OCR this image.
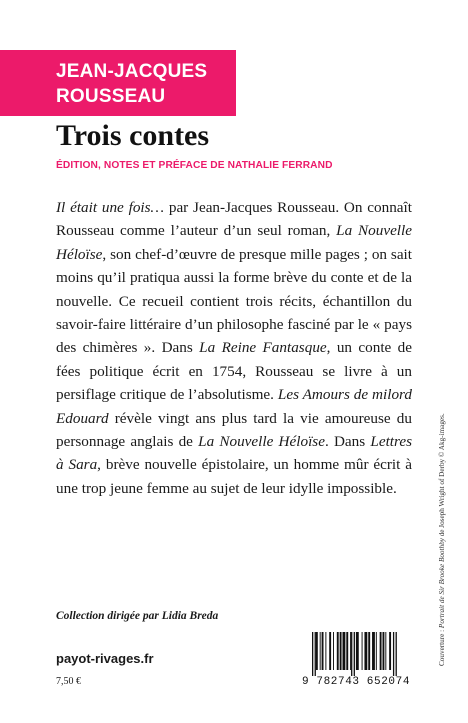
JEAN-JACQUES
ROUSSEAU
Trois contes
ÉDITION, NOTES ET PRÉFACE DE NATHALIE FERRAND

Il était une fois… par Jean-Jacques Rousseau. On connaît Rousseau comme l’auteur d’un seul roman, La Nouvelle Héloïse, son chef-d’œuvre de presque mille pages ; on sait moins qu’il pratiqua aussi la forme brève du conte et de la nouvelle. Ce recueil contient trois récits, échantillon du savoir-faire littéraire d’un philosophe fasciné par le « pays des chimères ». Dans La Reine Fantasque, un conte de fées politique écrit en 1754, Rousseau se livre à un persiflage critique de l’absolutisme. Les Amours de milord Edouard révèle vingt ans plus tard la vie amoureuse du personnage anglais de La Nouvelle Héloïse. Dans Lettres à Sara, brève nouvelle épistolaire, un homme mûr écrit à une trop jeune femme au sujet de leur idylle impossible.

Collection dirigée par Lidia Breda
payot-rivages.fr
7,50 €	9 782743 652074
Couverture : Portrait de Sir Brooke Boothby de Joseph Wright of Derby © Akg-images.
